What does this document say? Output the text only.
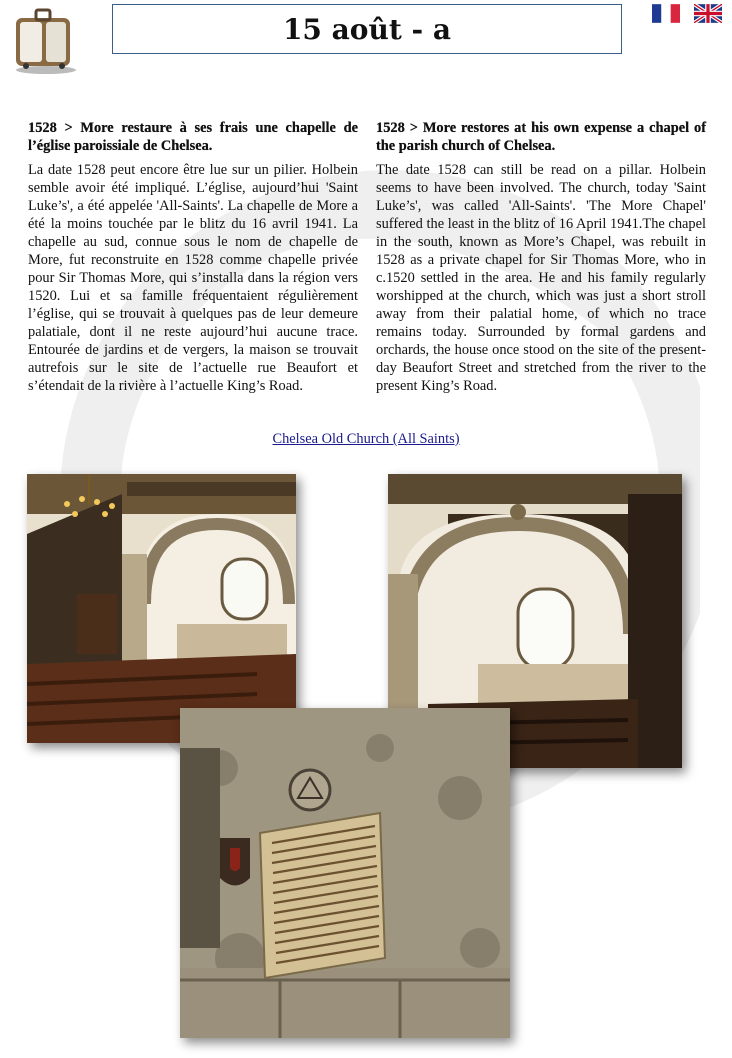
15 août - a

1528 > More restaure à ses frais une chapelle de l’église paroissiale de Chelsea.

La date 1528 peut encore être lue sur un pilier. Holbein semble avoir été impliqué. L’église, aujourd’hui 'Saint Luke’s', a été appelée 'All-Saints'. La chapelle de More a été la moins touchée par le blitz du 16 avril 1941. La chapelle au sud, connue sous le nom de chapelle de More, fut reconstruite en 1528 comme chapelle privée pour Sir Thomas More, qui s’installa dans la région vers 1520. Lui et sa famille fréquentaient régulièrement l’église, qui se trouvait à quelques pas de leur demeure palatiale, dont il ne reste aujourd’hui aucune trace. Entourée de jardins et de vergers, la maison se trouvait autrefois sur le site de l’actuelle rue Beaufort et s’étendait de la rivière à l’actuelle King’s Road.

1528 > More restores at his own expense a chapel of the parish church of Chelsea.

The date 1528 can still be read on a pillar. Holbein seems to have been involved. The church, today 'Saint Luke’s', was called 'All-Saints'. 'The More Chapel' suffered the least in the blitz of 16 April 1941.The chapel in the south, known as More’s Chapel, was rebuilt in 1528 as a private chapel for Sir Thomas More, who in c.1520 settled in the area. He and his family regularly worshipped at the church, which was just a short stroll away from their palatial home, of which no trace remains today. Surrounded by formal gardens and orchards, the house once stood on the site of the present-day Beaufort Street and stretched from the river to the present King’s Road.

Chelsea Old Church (All Saints)
